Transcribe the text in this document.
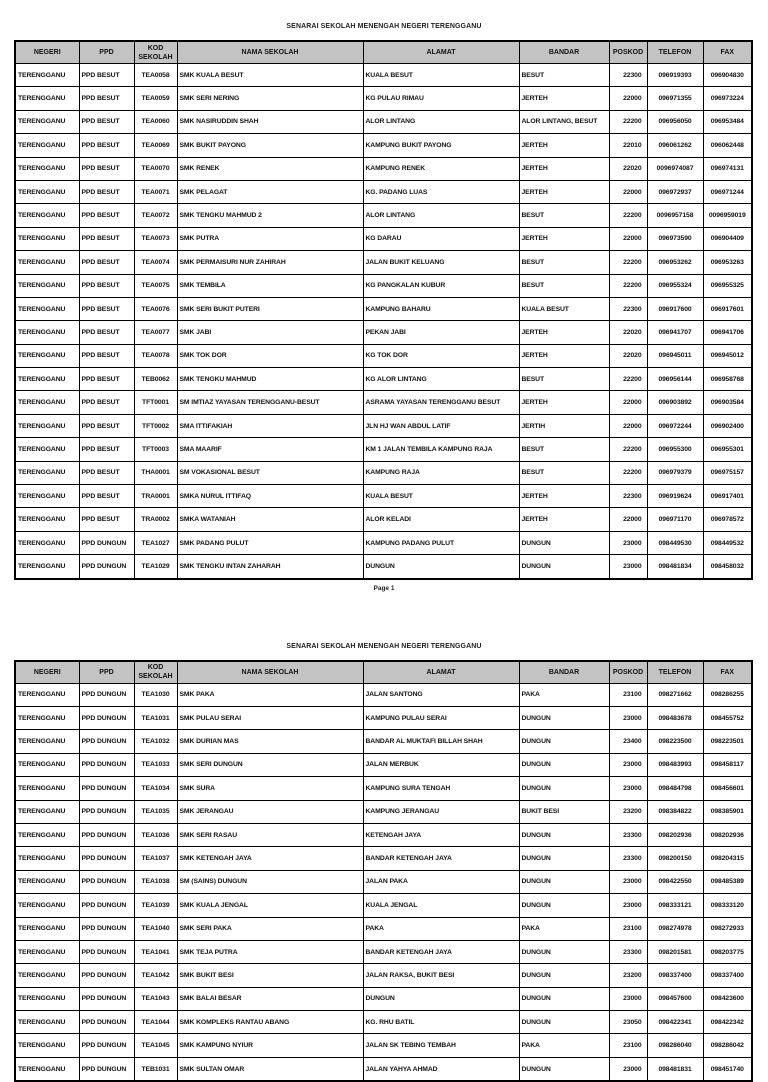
SENARAI SEKOLAH MENENGAH NEGERI TERENGGANU
NEGERI	PPD	KOD SEKOLAH	NAMA SEKOLAH	ALAMAT	BANDAR	POSKOD	TELEFON	FAX
TERENGGANU	PPD BESUT	TEA0058	SMK KUALA BESUT	KUALA BESUT	BESUT	22300	096919393	096904830
TERENGGANU	PPD BESUT	TEA0059	SMK SERI NERING	KG PULAU RIMAU	JERTEH	22000	096971355	096973224
TERENGGANU	PPD BESUT	TEA0060	SMK NASIRUDDIN SHAH	ALOR LINTANG	ALOR LINTANG, BESUT	22200	096956050	096953484
TERENGGANU	PPD BESUT	TEA0069	SMK BUKIT PAYONG	KAMPUNG BUKIT PAYONG	JERTEH	22010	096061262	096062448
TERENGGANU	PPD BESUT	TEA0070	SMK RENEK	KAMPUNG RENEK	JERTEH	22020	0096974087	096974131
TERENGGANU	PPD BESUT	TEA0071	SMK PELAGAT	KG. PADANG LUAS	JERTEH	22000	096972937	096971244
TERENGGANU	PPD BESUT	TEA0072	SMK TENGKU MAHMUD 2	ALOR LINTANG	BESUT	22200	0096957158	0096959019
TERENGGANU	PPD BESUT	TEA0073	SMK PUTRA	KG DARAU	JERTEH	22000	096973590	096904409
TERENGGANU	PPD BESUT	TEA0074	SMK PERMAISURI NUR ZAHIRAH	JALAN BUKIT KELUANG	BESUT	22200	096953262	096953263
TERENGGANU	PPD BESUT	TEA0075	SMK TEMBILA	KG PANGKALAN KUBUR	BESUT	22200	096955324	096955325
TERENGGANU	PPD BESUT	TEA0076	SMK SERI BUKIT PUTERI	KAMPUNG BAHARU	KUALA BESUT	22300	096917600	096917601
TERENGGANU	PPD BESUT	TEA0077	SMK JABI	PEKAN JABI	JERTEH	22020	096941707	096941706
TERENGGANU	PPD BESUT	TEA0078	SMK TOK DOR	KG TOK DOR	JERTEH	22020	096945011	096945012
TERENGGANU	PPD BESUT	TEB0062	SMK TENGKU MAHMUD	KG ALOR LINTANG	BESUT	22200	096956144	096958768
TERENGGANU	PPD BESUT	TFT0001	SM IMTIAZ YAYASAN TERENGGANU-BESUT	ASRAMA YAYASAN TERENGGANU BESUT	JERTEH	22000	096903892	096903584
TERENGGANU	PPD BESUT	TFT0002	SMA ITTIFAKIAH	JLN HJ WAN ABDUL LATIF	JERTIH	22000	096972244	096902400
TERENGGANU	PPD BESUT	TFT0003	SMA MAARIF	KM 1 JALAN TEMBILA KAMPUNG RAJA	BESUT	22200	096955300	096955301
TERENGGANU	PPD BESUT	THA0001	SM VOKASIONAL BESUT	KAMPUNG RAJA	BESUT	22200	096979379	096975157
TERENGGANU	PPD BESUT	TRA0001	SMKA NURUL ITTIFAQ	KUALA BESUT	JERTEH	22300	096919624	096917401
TERENGGANU	PPD BESUT	TRA0002	SMKA WATANIAH	ALOR KELADI	JERTEH	22000	096971170	096978572
TERENGGANU	PPD DUNGUN	TEA1027	SMK PADANG PULUT	KAMPUNG PADANG PULUT	DUNGUN	23000	098449530	098449532
TERENGGANU	PPD DUNGUN	TEA1029	SMK TENGKU INTAN ZAHARAH	DUNGUN	DUNGUN	23000	098481834	098458032
Page 1
SENARAI SEKOLAH MENENGAH NEGERI TERENGGANU
NEGERI	PPD	KOD SEKOLAH	NAMA SEKOLAH	ALAMAT	BANDAR	POSKOD	TELEFON	FAX
TERENGGANU	PPD DUNGUN	TEA1030	SMK PAKA	JALAN SANTONG	PAKA	23100	098271662	098286255
TERENGGANU	PPD DUNGUN	TEA1031	SMK PULAU SERAI	KAMPUNG PULAU SERAI	DUNGUN	23000	098483678	098455752
TERENGGANU	PPD DUNGUN	TEA1032	SMK DURIAN MAS	BANDAR AL MUKTAFI BILLAH SHAH	DUNGUN	23400	098223500	098223501
TERENGGANU	PPD DUNGUN	TEA1033	SMK SERI DUNGUN	JALAN MERBUK	DUNGUN	23000	098483993	098458117
TERENGGANU	PPD DUNGUN	TEA1034	SMK SURA	KAMPUNG SURA TENGAH	DUNGUN	23000	098484798	098456601
TERENGGANU	PPD DUNGUN	TEA1035	SMK JERANGAU	KAMPUNG JERANGAU	BUKIT BESI	23200	098384822	098385901
TERENGGANU	PPD DUNGUN	TEA1036	SMK SERI RASAU	KETENGAH JAYA	DUNGUN	23300	098202936	098202936
TERENGGANU	PPD DUNGUN	TEA1037	SMK KETENGAH JAYA	BANDAR KETENGAH JAYA	DUNGUN	23300	098200150	098204315
TERENGGANU	PPD DUNGUN	TEA1038	SM (SAINS) DUNGUN	JALAN PAKA	DUNGUN	23000	098422550	098485389
TERENGGANU	PPD DUNGUN	TEA1039	SMK KUALA JENGAL	KUALA JENGAL	DUNGUN	23000	098333121	098333120
TERENGGANU	PPD DUNGUN	TEA1040	SMK SERI PAKA	PAKA	PAKA	23100	098274978	098272933
TERENGGANU	PPD DUNGUN	TEA1041	SMK TEJA PUTRA	BANDAR KETENGAH JAYA	DUNGUN	23300	098201581	098203775
TERENGGANU	PPD DUNGUN	TEA1042	SMK BUKIT BESI	JALAN RAKSA, BUKIT BESI	DUNGUN	23200	098337400	098337400
TERENGGANU	PPD DUNGUN	TEA1043	SMK BALAI BESAR	DUNGUN	DUNGUN	23000	098457600	098423600
TERENGGANU	PPD DUNGUN	TEA1044	SMK KOMPLEKS RANTAU ABANG	KG. RHU BATIL	DUNGUN	23050	098422341	098422342
TERENGGANU	PPD DUNGUN	TEA1045	SMK KAMPUNG NYIUR	JALAN SK TEBING TEMBAH	PAKA	23100	098286040	098286042
TERENGGANU	PPD DUNGUN	TEB1031	SMK SULTAN OMAR	JALAN YAHYA AHMAD	DUNGUN	23000	098481831	098451740
